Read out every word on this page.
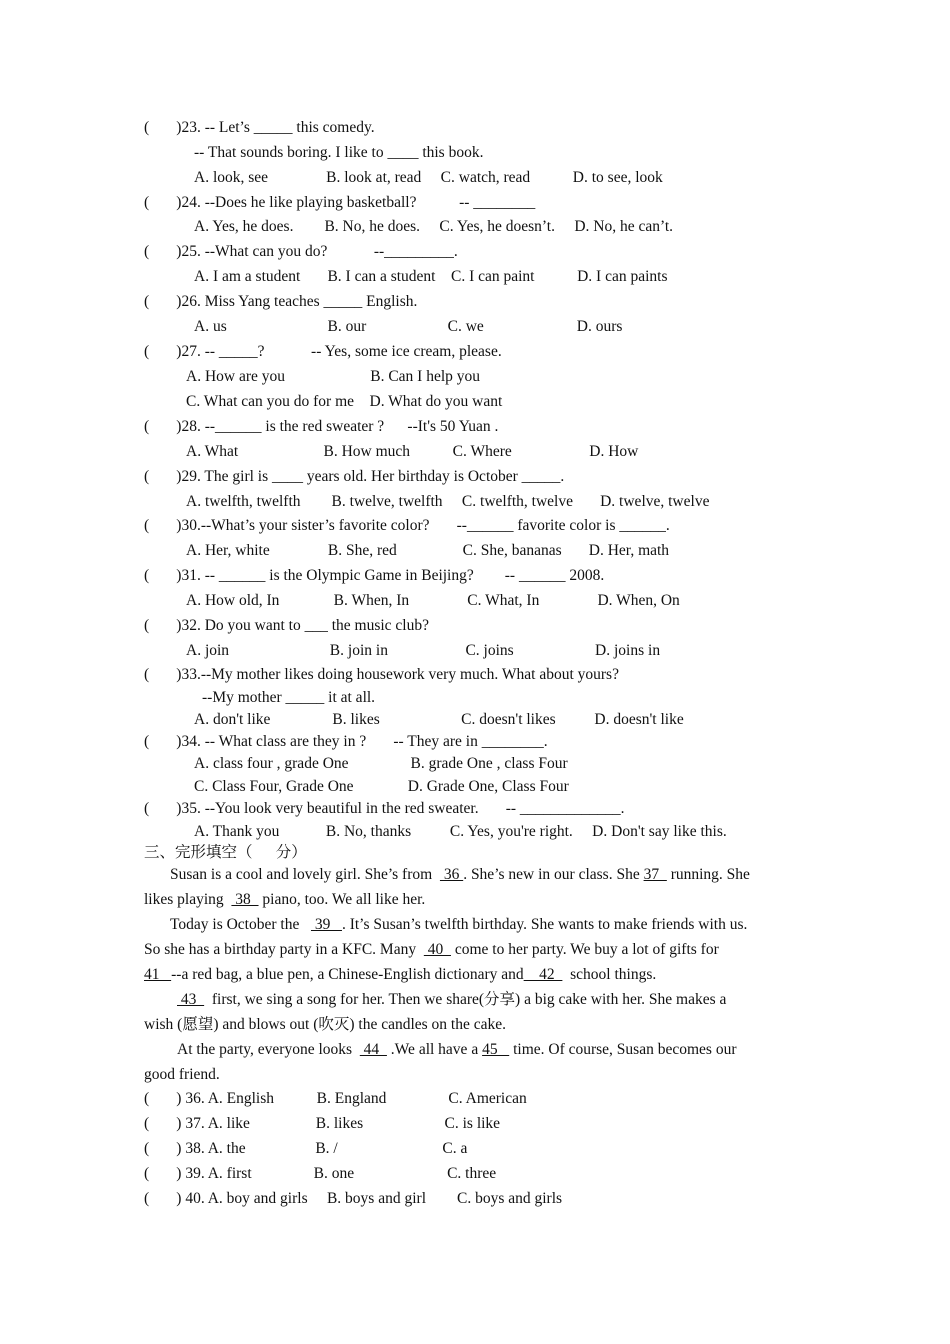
(       )23. -- Let’s _____ this comedy.
-- That sounds boring. I like to ____ this book.
A. look, see               B. look at, read     C. watch, read           D. to see, look
(       )24. --Does he like playing basketball?           -- ________
A. Yes, he does.        B. No, he does.     C. Yes, he doesn’t.     D. No, he can’t.
(       )25. --What can you do?            --_________.
A. I am a student       B. I can a student    C. I can paint           D. I can paints
(       )26. Miss Yang teaches _____ English.
A. us                          B. our                     C. we                        D. ours
(       )27. -- _____?            -- Yes, some ice cream, please.
A. How are you                      B. Can I help you
C. What can you do for me    D. What do you want
(       )28. --______ is the red sweater ?      --It's 50 Yuan .
A. What                      B. How much           C. Where                    D. How
(       )29. The girl is ____ years old. Her birthday is October _____.
A. twelfth, twelfth        B. twelve, twelfth     C. twelfth, twelve       D. twelve, twelve
(       )30.--What’s your sister’s favorite color?       --______ favorite color is ______.
A. Her, white               B. She, red                 C. She, bananas       D. Her, math
(       )31. -- ______ is the Olympic Game in Beijing?        -- ______ 2008.
A. How old, In              B. When, In               C. What, In               D. When, On
(       )32. Do you want to ___ the music club?
A. join                          B. join in                    C. joins                     D. joins in
(       )33.--My mother likes doing housework very much. What about yours?
--My mother _____ it at all.
A. don't like                B. likes                     C. doesn't likes          D. doesn't like
(       )34. -- What class are they in ?       -- They are in ________.
A. class four , grade One                B. grade One , class Four
C. Class Four, Grade One              D. Grade One, Class Four
(       )35. --You look very beautiful in the red sweater.       -- _____________.
A. Thank you            B. No, thanks          C. Yes, you're right.     D. Don't say like this.
三、完形填空（      分）
Susan is a cool and lovely girl. She’s from   36 . She’s new in our class. She 37   running. She
likes playing   38   piano, too. We all like her.
Today is October the    39   . It’s Susan’s twelfth birthday. She wants to make friends with us.
So she has a birthday party in a KFC. Many   40   come to her party. We buy a lot of gifts for
41   --a red bag, a blue pen, a Chinese-English dictionary and    42    school things.
43    first, we sing a song for her. Then we share(分享) a big cake with her. She makes a
wish (愿望) and blows out (吹灭) the candles on the cake.
At the party, everyone looks   44   .We all have a 45    time. Of course, Susan becomes our
good friend.
(       ) 36. A. English           B. England                C. American
(       ) 37. A. like                 B. likes                     C. is like
(       ) 38. A. the                  B. /                           C. a
(       ) 39. A. first                B. one                        C. three
(       ) 40. A. boy and girls     B. boys and girl        C. boys and girls
